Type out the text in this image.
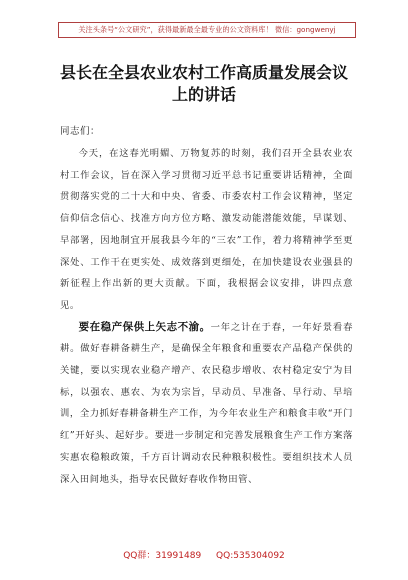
关注头条号“公文研究”，获得最新最全最专业的公文资料库！ 微信：gongwenyj
县长在全县农业农村工作高质量发展会议
上的讲话
同志们：

今天，在这春光明媚、万物复苏的时刻，我们召开全县农业农村工作会议，旨在深入学习贯彻习近平总书记重要讲话精神，全面贯彻落实党的二十大和中央、省委、市委农村工作会议精神，坚定信仰信念信心、找准方向方位方略、激发动能潜能效能，早谋划、早部署，因地制宜开展我县今年的“三农”工作，着力将精神学至更深处、工作干在更实处、成效落到更细处，在加快建设农业强县的新征程上作出新的更大贡献。下面，我根据会议安排，讲四点意见。

要在稳产保供上矢志不渝。一年之计在于春，一年好景看春耕。做好春耕备耕生产，是确保全年粮食和重要农产品稳产保供的关键，要以实现农业稳产增产、农民稳步增收、农村稳定安宁为目标，以强农、惠农、为农为宗旨，早动员、早准备、早行动、早培训，全力抓好春耕备耕生产工作，为今年农业生产和粮食丰收“开门红”开好头、起好步。要进一步制定和完善发展粮食生产工作方案落实惠农稳粮政策，千方百计调动农民种粮积极性。要组织技术人员深入田间地头，指导农民做好春收作物田管、

QQ群：31991489 QQ:535304092
